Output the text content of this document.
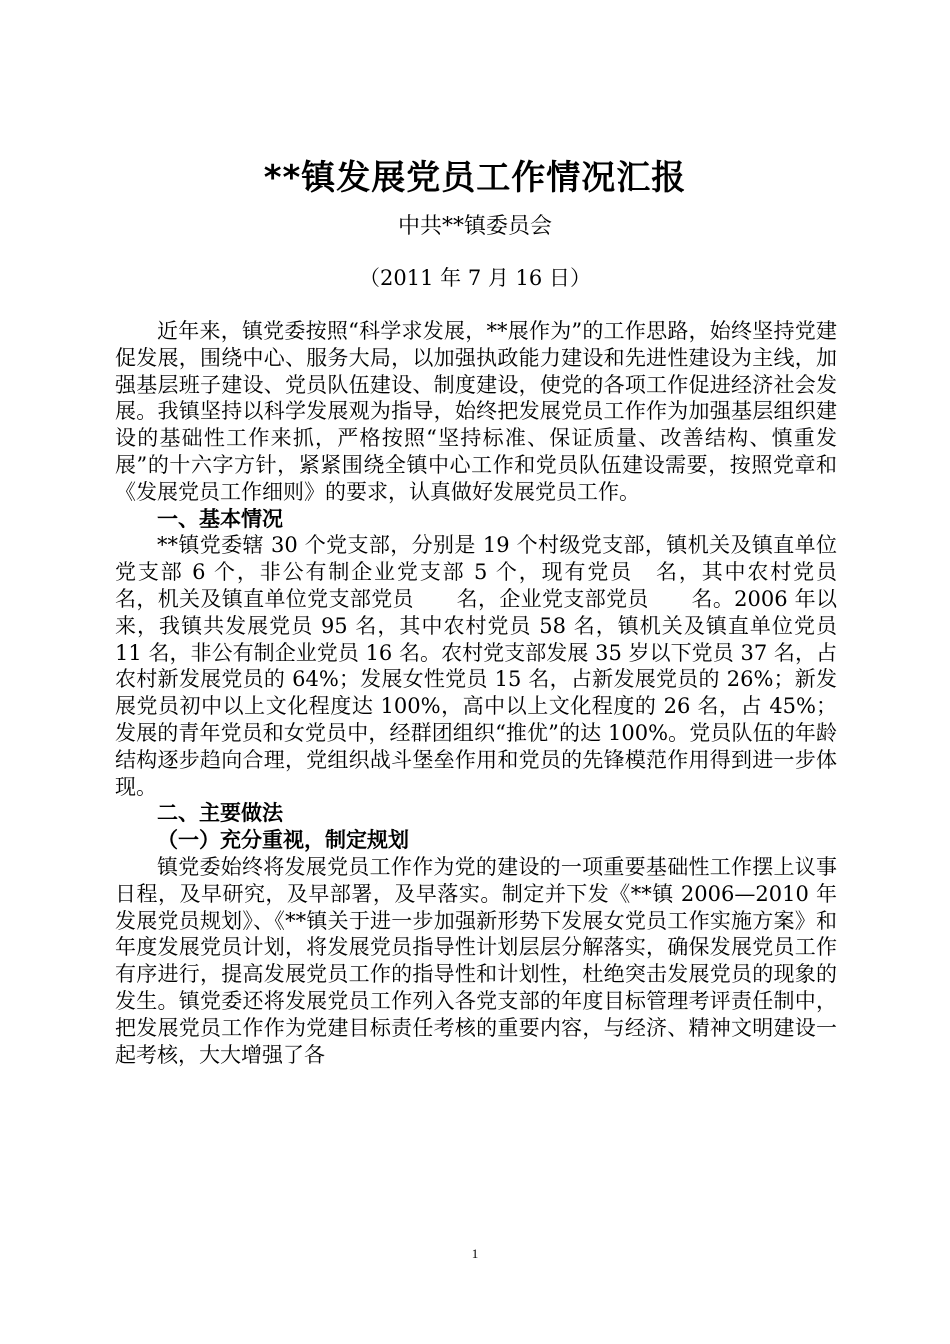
**镇发展党员工作情况汇报
中共**镇委员会
（2011 年 7 月 16 日）

近年来，镇党委按照“科学求发展，**展作为”的工作思路，始终坚持党建促发展，围绕中心、服务大局，以加强执政能力建设和先进性建设为主线，加强基层班子建设、党员队伍建设、制度建设，使党的各项工作促进经济社会发展。我镇坚持以科学发展观为指导，始终把发展党员工作作为加强基层组织建设的基础性工作来抓，严格按照“坚持标准、保证质量、改善结构、慎重发展”的十六字方针，紧紧围绕全镇中心工作和党员队伍建设需要，按照党章和《发展党员工作细则》的要求，认真做好发展党员工作。

一、基本情况

**镇党委辖 30 个党支部，分别是 19 个村级党支部，镇机关及镇直单位党支部 6 个，非公有制企业党支部 5 个，现有党员　名，其中农村党员　　名，机关及镇直单位党支部党员　　名，企业党支部党员　　名。2006 年以来，我镇共发展党员 95 名，其中农村党员 58 名，镇机关及镇直单位党员 11 名，非公有制企业党员 16 名。农村党支部发展 35 岁以下党员 37 名，占农村新发展党员的 64%；发展女性党员 15 名，占新发展党员的 26%；新发展党员初中以上文化程度达 100%，高中以上文化程度的 26 名，占 45%；发展的青年党员和女党员中，经群团组织“推优”的达 100%。党员队伍的年龄结构逐步趋向合理，党组织战斗堡垒作用和党员的先锋模范作用得到进一步体现。

二、主要做法

（一）充分重视，制定规划

镇党委始终将发展党员工作作为党的建设的一项重要基础性工作摆上议事日程，及早研究，及早部署，及早落实。制定并下发《**镇 2006—2010 年发展党员规划》、《**镇关于进一步加强新形势下发展女党员工作实施方案》和年度发展党员计划，将发展党员指导性计划层层分解落实，确保发展党员工作有序进行，提高发展党员工作的指导性和计划性，杜绝突击发展党员的现象的发生。镇党委还将发展党员工作列入各党支部的年度目标管理考评责任制中，把发展党员工作作为党建目标责任考核的重要内容，与经济、精神文明建设一起考核，大大增强了各

1
